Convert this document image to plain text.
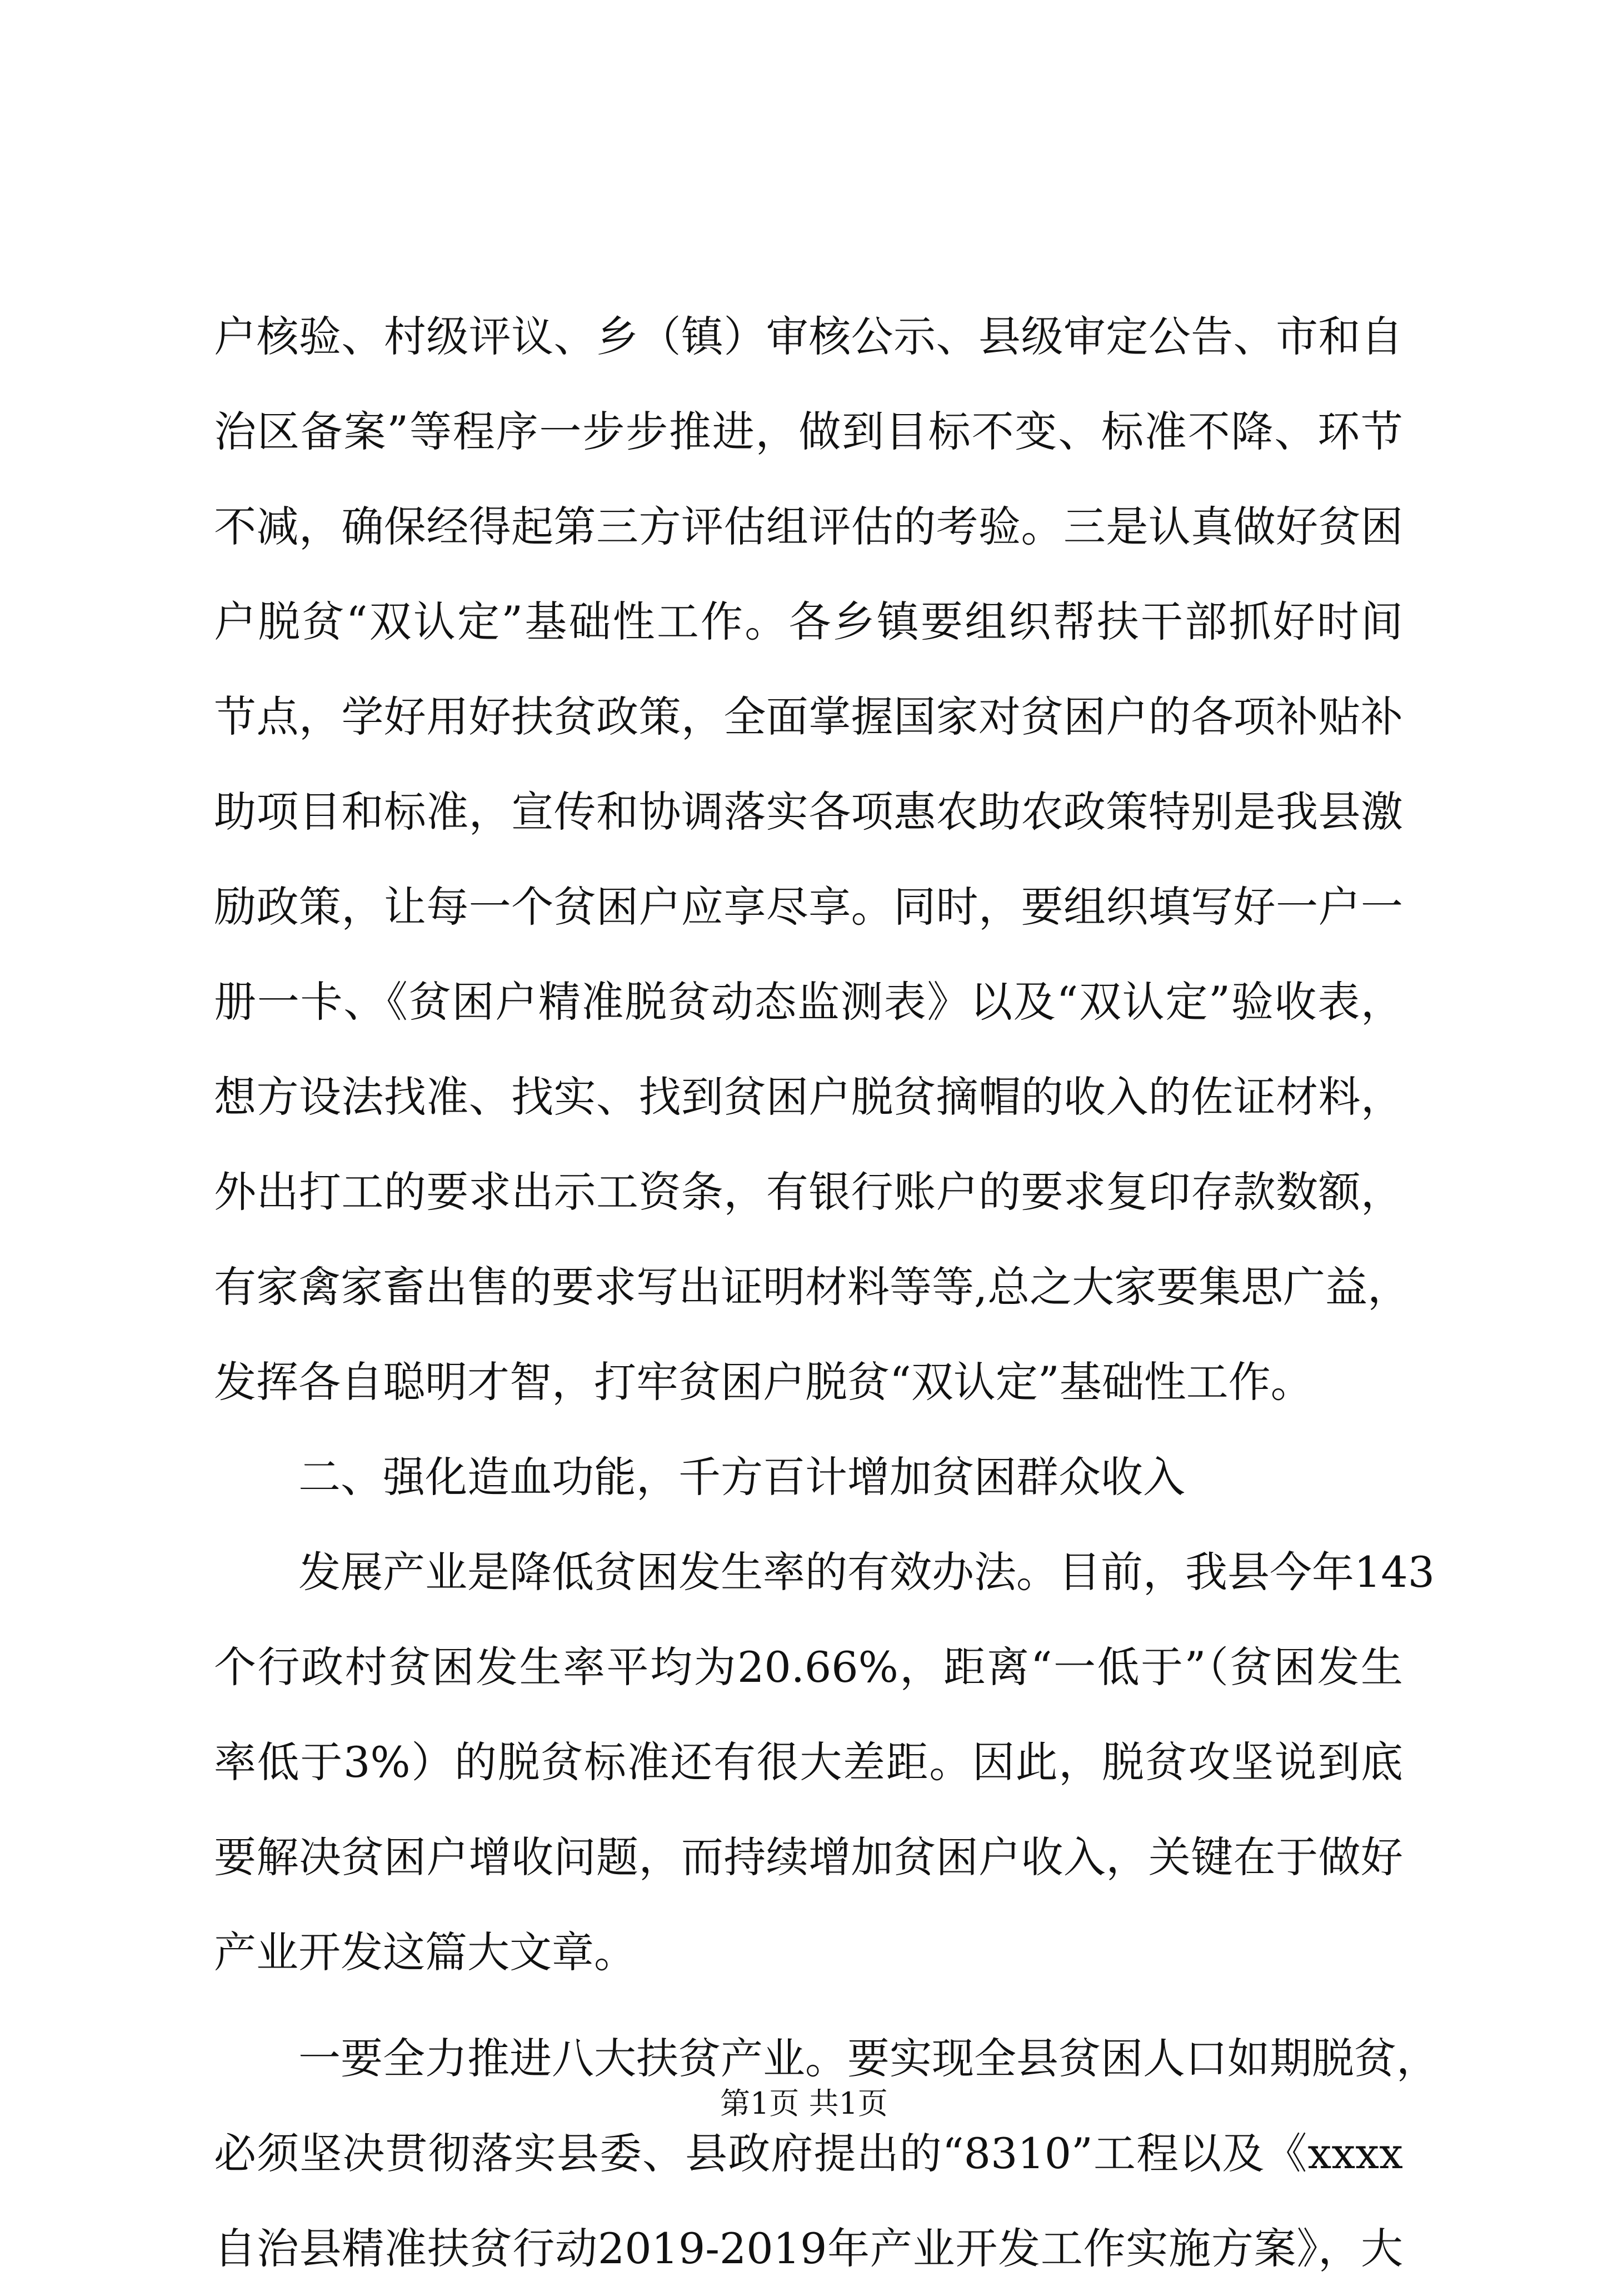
户核验、村级评议、乡（镇）审核公示、县级审定公告、市和自
治区备案”等程序一步步推进，做到目标不变、标准不降、环节
不减，确保经得起第三方评估组评估的考验。三是认真做好贫困
户脱贫“双认定”基础性工作。各乡镇要组织帮扶干部抓好时间
节点，学好用好扶贫政策，全面掌握国家对贫困户的各项补贴补
助项目和标准，宣传和协调落实各项惠农助农政策特别是我县激
励政策，让每一个贫困户应享尽享。同时，要组织填写好一户一
册一卡、《贫困户精准脱贫动态监测表》以及“双认定”验收表，
想方设法找准、找实、找到贫困户脱贫摘帽的收入的佐证材料，
外出打工的要求出示工资条，有银行账户的要求复印存款数额，
有家禽家畜出售的要求写出证明材料等等,总之大家要集思广益，
发挥各自聪明才智，打牢贫困户脱贫“双认定”基础性工作。
二、强化造血功能，千方百计增加贫困群众收入
发展产业是降低贫困发生率的有效办法。目前，我县今年143
个行政村贫困发生率平均为20.66%，距离“一低于”（贫困发生
率低于3%）的脱贫标准还有很大差距。因此，脱贫攻坚说到底
要解决贫困户增收问题，而持续增加贫困户收入，关键在于做好
产业开发这篇大文章。
一要全力推进八大扶贫产业。要实现全县贫困人口如期脱贫，
必须坚决贯彻落实县委、县政府提出的“8310”工程以及《xxxx
自治县精准扶贫行动2019-2019年产业开发工作实施方案》，大
第1页 共1页
